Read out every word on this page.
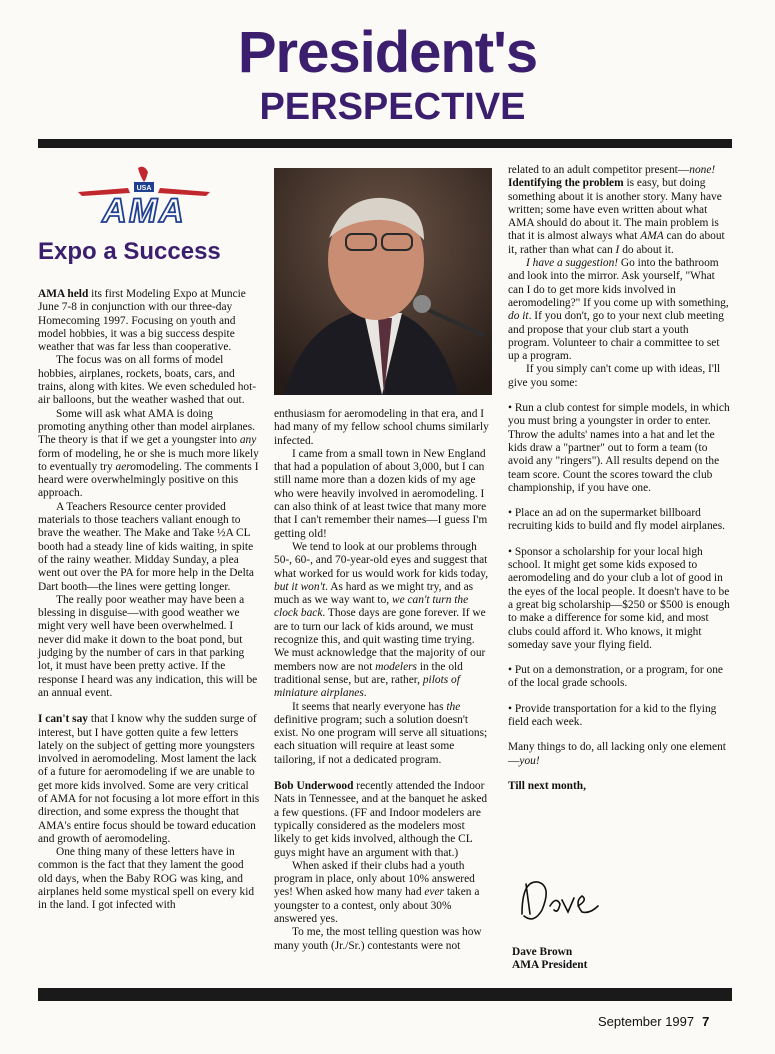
President's
PERSPECTIVE
USA
AMA
Expo a Success

AMA held its first Modeling Expo at Muncie June 7-8 in conjunction with our three-day Homecoming 1997. Focusing on youth and model hobbies, it was a big success despite weather that was far less than cooperative.

The focus was on all forms of model hobbies, airplanes, rockets, boats, cars, and trains, along with kites. We even scheduled hot-air balloons, but the weather washed that out.

Some will ask what AMA is doing promoting anything other than model airplanes. The theory is that if we get a youngster into any form of modeling, he or she is much more likely to eventually try aeromodeling. The comments I heard were overwhelmingly positive on this approach.

A Teachers Resource center provided materials to those teachers valiant enough to brave the weather. The Make and Take ½A CL booth had a steady line of kids waiting, in spite of the rainy weather. Midday Sunday, a plea went out over the PA for more help in the Delta Dart booth—the lines were getting longer.

The really poor weather may have been a blessing in disguise—with good weather we might very well have been overwhelmed. I never did make it down to the boat pond, but judging by the number of cars in that parking lot, it must have been pretty active. If the response I heard was any indication, this will be an annual event.

I can't say that I know why the sudden surge of interest, but I have gotten quite a few letters lately on the subject of getting more youngsters involved in aeromodeling. Most lament the lack of a future for aeromodeling if we are unable to get more kids involved. Some are very critical of AMA for not focusing a lot more effort in this direction, and some express the thought that AMA's entire focus should be toward education and growth of aeromodeling.

One thing many of these letters have in common is the fact that they lament the good old days, when the Baby ROG was king, and airplanes held some mystical spell on every kid in the land. I got infected with

enthusiasm for aeromodeling in that era, and I had many of my fellow school chums similarly infected.

I came from a small town in New England that had a population of about 3,000, but I can still name more than a dozen kids of my age who were heavily involved in aeromodeling. I can also think of at least twice that many more that I can't remember their names—I guess I'm getting old!

We tend to look at our problems through 50-, 60-, and 70-year-old eyes and suggest that what worked for us would work for kids today, but it won't. As hard as we might try, and as much as we way want to, we can't turn the clock back. Those days are gone forever. If we are to turn our lack of kids around, we must recognize this, and quit wasting time trying. We must acknowledge that the majority of our members now are not modelers in the old traditional sense, but are, rather, pilots of miniature airplanes.

It seems that nearly everyone has the definitive program; such a solution doesn't exist. No one program will serve all situations; each situation will require at least some tailoring, if not a dedicated program.

Bob Underwood recently attended the Indoor Nats in Tennessee, and at the banquet he asked a few questions. (FF and Indoor modelers are typically considered as the modelers most likely to get kids involved, although the CL guys might have an argument with that.)

When asked if their clubs had a youth program in place, only about 10% answered yes! When asked how many had ever taken a youngster to a contest, only about 30% answered yes.

To me, the most telling question was how many youth (Jr./Sr.) contestants were not

related to an adult competitor present—none!

Identifying the problem is easy, but doing something about it is another story. Many have written; some have even written about what AMA should do about it. The main problem is that it is almost always what AMA can do about it, rather than what can I do about it.

I have a suggestion! Go into the bathroom and look into the mirror. Ask yourself, "What can I do to get more kids involved in aeromodeling?" If you come up with something, do it. If you don't, go to your next club meeting and propose that your club start a youth program. Volunteer to chair a committee to set up a program.

If you simply can't come up with ideas, I'll give you some:

• Run a club contest for simple models, in which you must bring a youngster in order to enter. Throw the adults' names into a hat and let the kids draw a "partner" out to form a team (to avoid any "ringers"). All results depend on the team score. Count the scores toward the club championship, if you have one.

• Place an ad on the supermarket billboard recruiting kids to build and fly model airplanes.

• Sponsor a scholarship for your local high school. It might get some kids exposed to aeromodeling and do your club a lot of good in the eyes of the local people. It doesn't have to be a great big scholarship—$250 or $500 is enough to make a difference for some kid, and most clubs could afford it. Who knows, it might someday save your flying field.

• Put on a demonstration, or a program, for one of the local grade schools.

• Provide transportation for a kid to the flying field each week.

Many things to do, all lacking only one element—you!

Till next month,

Dave Brown
AMA President
September 1997 7
